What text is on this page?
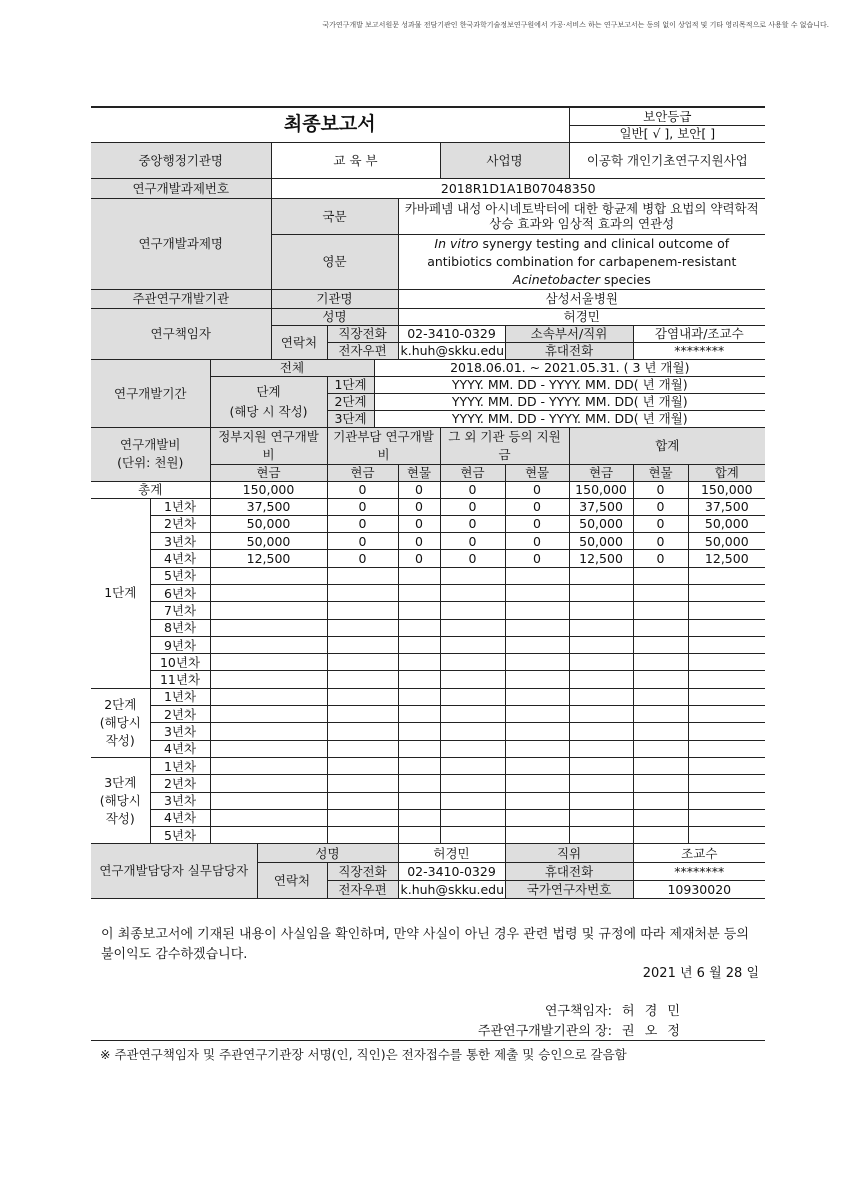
국가연구개발 보고서원문 성과물 전담기관인 한국과학기술정보연구원에서 가공·서비스 하는 연구보고서는 동의 없이 상업적 및 기타 영리목적으로 사용할 수 없습니다.
최종보고서										보안등급		
										일반[ √ ], 보안[ ]		
중앙행정기관명				교 육 부				사업명		이공학 개인기초연구지원사업		
연구개발과제번호				2018R1D1A1B07048350								
연구개발과제명				국문			카바페넴 내성 아시네토박터에 대한 항균제 병합 요법의 약력학적 상승 효과와 임상적 효과의 연관성					
				영문			In vitro synergy testing and clinical outcome of antibiotics combination for carbapenem-resistant Acinetobacter species					
주관연구개발기관				기관명			삼성서울병원					
연구책임자				성명			허경민					
				연락처	직장전화		02-3410-0329		소속부서/직위		감염내과/조교수	
					전자우편		k.huh@skku.edu		휴대전화		********	
연구개발기간		전체				2018.06.01. ~ 2021.05.31. ( 3 년 개월)						
		단계
(해당 시 작성)			1단계	YYYY. MM. DD - YYYY. MM. DD( 년 개월)						
					2단계	YYYY. MM. DD - YYYY. MM. DD( 년 개월)						
					3단계	YYYY. MM. DD - YYYY. MM. DD( 년 개월)						
연구개발비
(단위: 천원)		정부지원 연구개발비			기관부담 연구개발비			그 외 기관 등의 지원금		합계		
		현금			현금		현물	현금	현물	현금	현물	합계
총계		150,000			0		0	0	0	150,000	0	150,000
1단계	1년차	37,500			0		0	0	0	37,500	0	37,500
	2년차	50,000			0		0	0	0	50,000	0	50,000
	3년차	50,000			0		0	0	0	50,000	0	50,000
	4년차	12,500			0		0	0	0	12,500	0	12,500
	5년차											
	6년차											
	7년차											
	8년차											
	9년차											
	10년차											
	11년차											
2단계 (해당시 작성)	1년차											
	2년차											
	3년차											
	4년차											
3단계 (해당시 작성)	1년차											
	2년차											
	3년차											
	4년차											
	5년차											
연구개발담당자 실무담당자			성명				허경민		직위		조교수	
			연락처		직장전화		02-3410-0329		휴대전화		********	
					전자우편		k.huh@skku.edu		국가연구자번호		10930020	
이 최종보고서에 기재된 내용이 사실임을 확인하며, 만약 사실이 아닌 경우 관련 법령 및 규정에 따라 제재처분 등의 불이익도 감수하겠습니다.
2021 년 6 월 28 일
연구책임자: 허 경 민
주관연구개발기관의 장: 권 오 정
※ 주관연구책임자 및 주관연구기관장 서명(인, 직인)은 전자접수를 통한 제출 및 승인으로 갈음함
